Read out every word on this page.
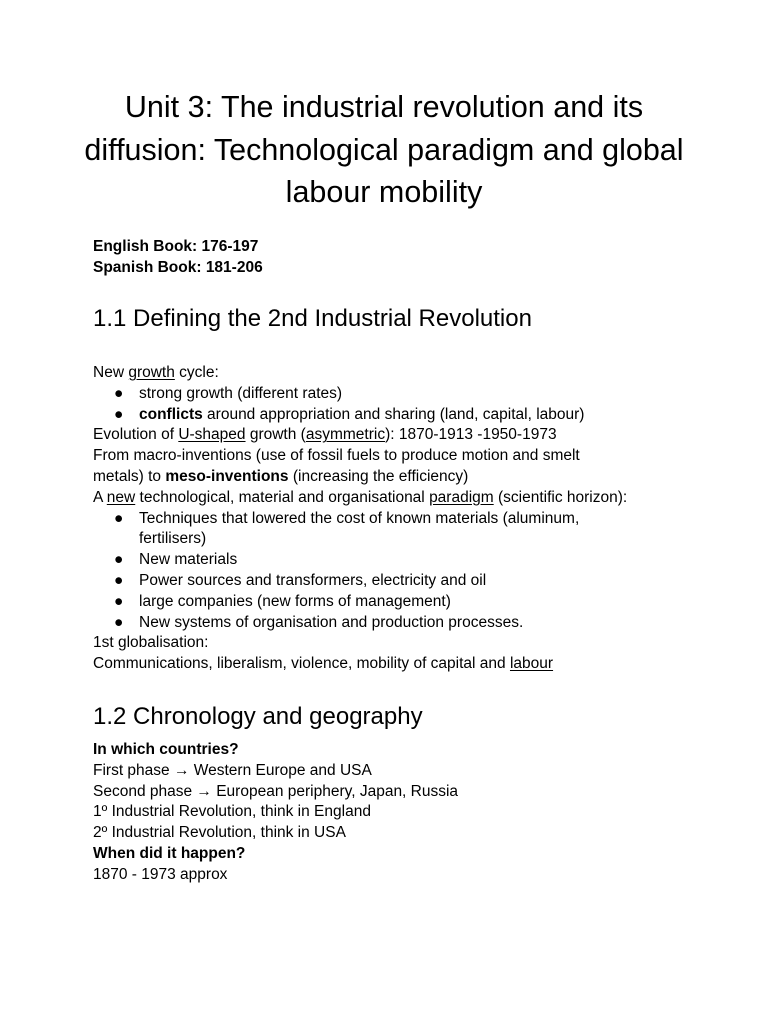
Unit 3: The industrial revolution and its diffusion: Technological paradigm and global labour mobility
English Book: 176-197
Spanish Book: 181-206
1.1 Defining the 2nd Industrial Revolution
New growth cycle:
● strong growth (different rates)
● conflicts around appropriation and sharing (land, capital, labour)
Evolution of U-shaped growth (asymmetric): 1870-1913 -1950-1973
From macro-inventions (use of fossil fuels to produce motion and smelt
metals) to meso-inventions (increasing the efficiency)
A new technological, material and organisational paradigm (scientific horizon):
● Techniques that lowered the cost of known materials (aluminum,
fertilisers)
● New materials
● Power sources and transformers, electricity and oil
● large companies (new forms of management)
● New systems of organisation and production processes.
1st globalisation:
Communications, liberalism, violence, mobility of capital and labour
1.2 Chronology and geography
In which countries?
First phase → Western Europe and USA
Second phase → European periphery, Japan, Russia
1º Industrial Revolution, think in England
2º Industrial Revolution, think in USA
When did it happen?
1870 - 1973 approx
